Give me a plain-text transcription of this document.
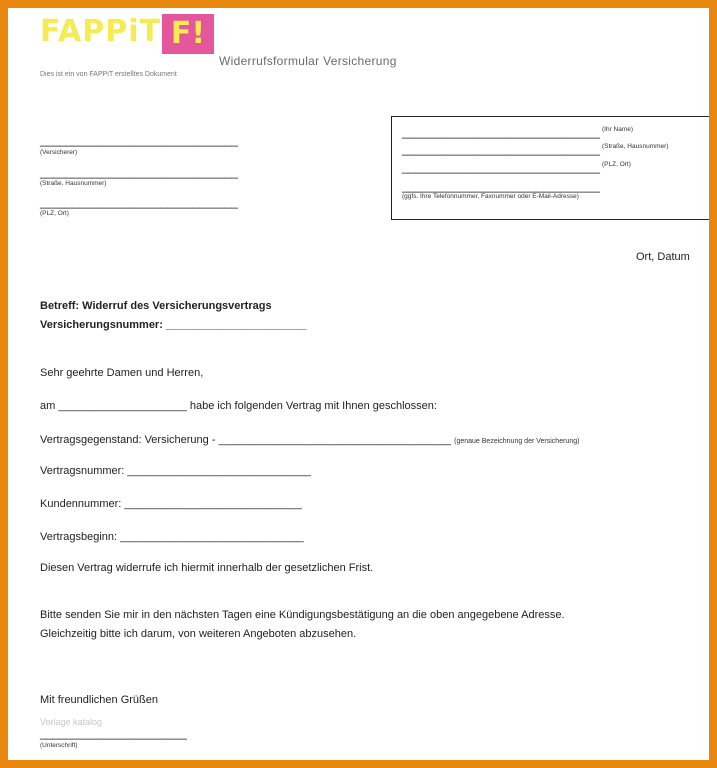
FAPPiT F!
Widerrufsformular Versicherung
Dies ist ein von FAPPiT erstelltes Dokument
_______________________________
(Versicherer)
_______________________________
(Straße, Hausnummer)
_______________________________
(PLZ, Ort)
_______________________________ (Ihr Name)
_______________________________ (Straße, Hausnummer)
_______________________________ (PLZ, Ort)
_______________________________
(ggfs. Ihre Telefonnummer, Faxnummer oder E-Mail-Adresse)
Ort, Datum
Betreff: Widerruf des Versicherungsvertrags
Versicherungsnummer: _______________________
Sehr geehrte Damen und Herren,
am _____________________ habe ich folgenden Vertrag mit Ihnen geschlossen:
Vertragsgegenstand: Versicherung - ______________________________________ (genaue Bezeichnung der Versicherung)
Vertragsnummer: ______________________________
Kundennummer: _____________________________
Vertragsbeginn: ______________________________
Diesen Vertrag widerrufe ich hiermit innerhalb der gesetzlichen Frist.
Bitte senden Sie mir in den nächsten Tagen eine Kündigungsbestätigung an die oben angegebene Adresse.
Gleichzeitig bitte ich darum, von weiteren Angeboten abzusehen.
Mit freundlichen Grüßen
Vorlage katalog
_______________________
(Unterschrift)
